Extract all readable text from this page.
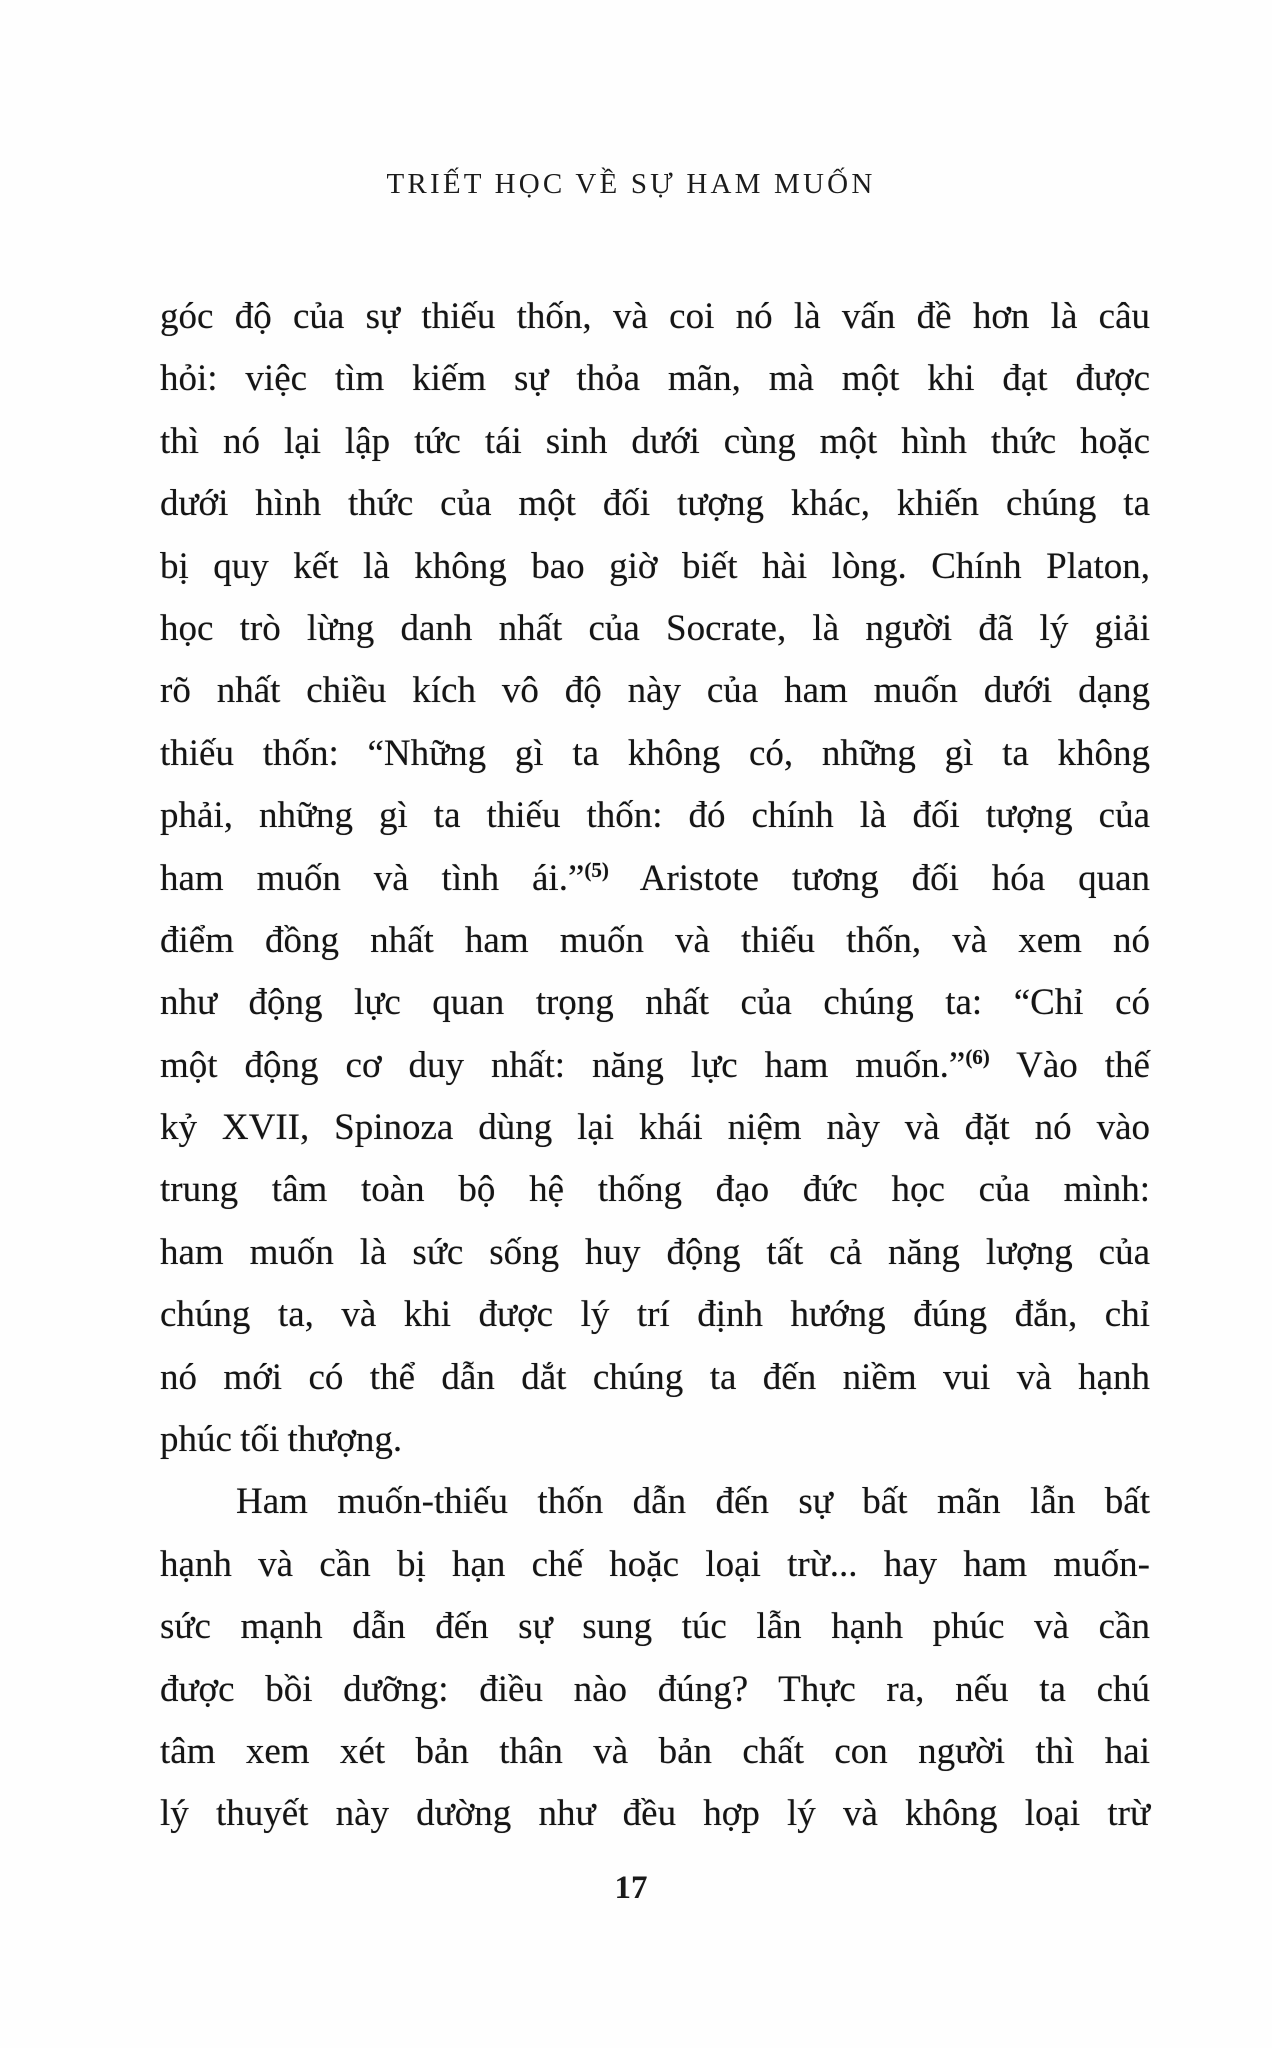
TRIẾT HỌC VỀ SỰ HAM MUỐN
góc độ của sự thiếu thốn, và coi nó là vấn đề hơn là câu
hỏi: việc tìm kiếm sự thỏa mãn, mà một khi đạt được
thì nó lại lập tức tái sinh dưới cùng một hình thức hoặc
dưới hình thức của một đối tượng khác, khiến chúng ta
bị quy kết là không bao giờ biết hài lòng. Chính Platon,
học trò lừng danh nhất của Socrate, là người đã lý giải
rõ nhất chiều kích vô độ này của ham muốn dưới dạng
thiếu thốn: “Những gì ta không có, những gì ta không
phải, những gì ta thiếu thốn: đó chính là đối tượng của
ham muốn và tình ái.”$^{(5)}$ Aristote tương đối hóa quan
điểm đồng nhất ham muốn và thiếu thốn, và xem nó
như động lực quan trọng nhất của chúng ta: “Chỉ có
một động cơ duy nhất: năng lực ham muốn.”$^{(6)}$ Vào thế
kỷ XVII, Spinoza dùng lại khái niệm này và đặt nó vào
trung tâm toàn bộ hệ thống đạo đức học của mình:
ham muốn là sức sống huy động tất cả năng lượng của
chúng ta, và khi được lý trí định hướng đúng đắn, chỉ
nó mới có thể dẫn dắt chúng ta đến niềm vui và hạnh
phúc tối thượng.
Ham muốn-thiếu thốn dẫn đến sự bất mãn lẫn bất
hạnh và cần bị hạn chế hoặc loại trừ... hay ham muốn-
sức mạnh dẫn đến sự sung túc lẫn hạnh phúc và cần
được bồi dưỡng: điều nào đúng? Thực ra, nếu ta chú
tâm xem xét bản thân và bản chất con người thì hai
lý thuyết này dường như đều hợp lý và không loại trừ
17
